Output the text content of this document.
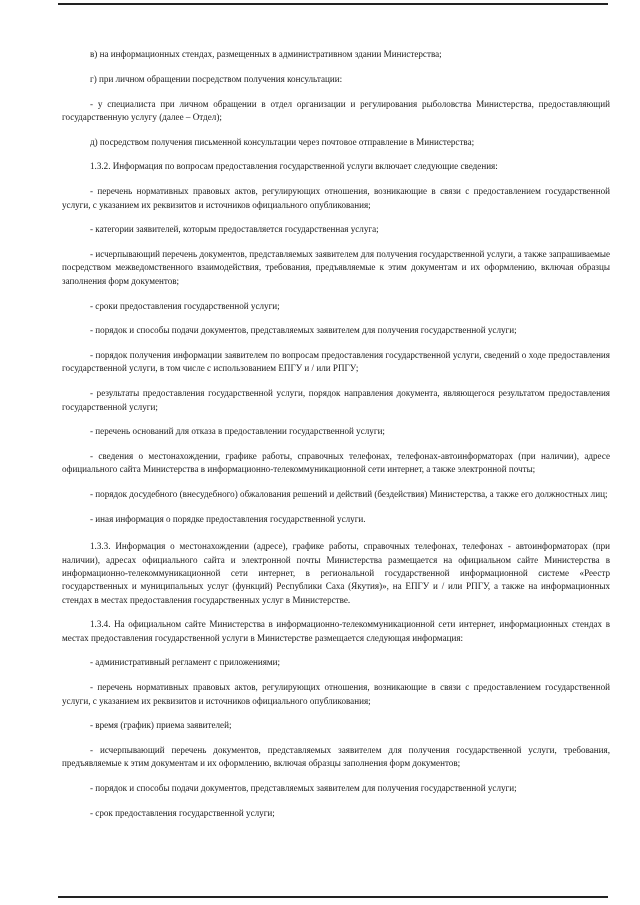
в) на информационных стендах, размещенных в административном здании Министерства;

г) при личном обращении посредством получения консультации:

- у специалиста при личном обращении в отдел организации и регулирования рыболовства Министерства, предоставляющий государственную услугу (далее – Отдел);

д) посредством получения письменной консультации через почтовое отправление в Министерства;

1.3.2. Информация по вопросам предоставления государственной услуги включает следующие сведения:

- перечень нормативных правовых актов, регулирующих отношения, возникающие в связи с предоставлением государственной услуги, с указанием их реквизитов и источников официального опубликования;

- категории заявителей, которым предоставляется государственная услуга;

- исчерпывающий перечень документов, представляемых заявителем для получения государственной услуги, а также запрашиваемые посредством межведомственного взаимодействия, требования, предъявляемые к этим документам и их оформлению, включая образцы заполнения форм документов;

- сроки предоставления государственной услуги;

- порядок и способы подачи документов, представляемых заявителем для получения государственной услуги;

- порядок получения информации заявителем по вопросам предоставления государственной услуги, сведений о ходе предоставления государственной услуги, в том числе с использованием ЕПГУ и / или РПГУ;

- результаты предоставления государственной услуги, порядок направления документа, являющегося результатом предоставления государственной услуги;

- перечень оснований для отказа в предоставлении государственной услуги;

- сведения о местонахождении, графике работы, справочных телефонах, телефонах-автоинформаторах (при наличии), адресе официального сайта Министерства в информационно-телекоммуникационной сети интернет, а также электронной почты;

- порядок досудебного (внесудебного) обжалования решений и действий (бездействия) Министерства, а также его должностных лиц;

- иная информация о порядке предоставления государственной услуги.

1.3.3. Информация о местонахождении (адресе), графике работы, справочных телефонах, телефонах - автоинформаторах (при наличии), адресах официального сайта и электронной почты Министерства размещается на официальном сайте Министерства в информационно-телекоммуникационной сети интернет, в региональной государственной информационной системе «Реестр государственных и муниципальных услуг (функций) Республики Саха (Якутия)», на ЕПГУ и / или РПГУ, а также на информационных стендах в местах предоставления государственных услуг в Министерстве.

1.3.4. На официальном сайте Министерства в информационно-телекоммуникационной сети интернет, информационных стендах в местах предоставления государственной услуги в Министерстве размещается следующая информация:

- административный регламент с приложениями;

- перечень нормативных правовых актов, регулирующих отношения, возникающие в связи с предоставлением государственной услуги, с указанием их реквизитов и источников официального опубликования;

- время (график) приема заявителей;

- исчерпывающий перечень документов, представляемых заявителем для получения государственной услуги, требования, предъявляемые к этим документам и их оформлению, включая образцы заполнения форм документов;

- порядок и способы подачи документов, представляемых заявителем для получения государственной услуги;

- срок предоставления государственной услуги;
